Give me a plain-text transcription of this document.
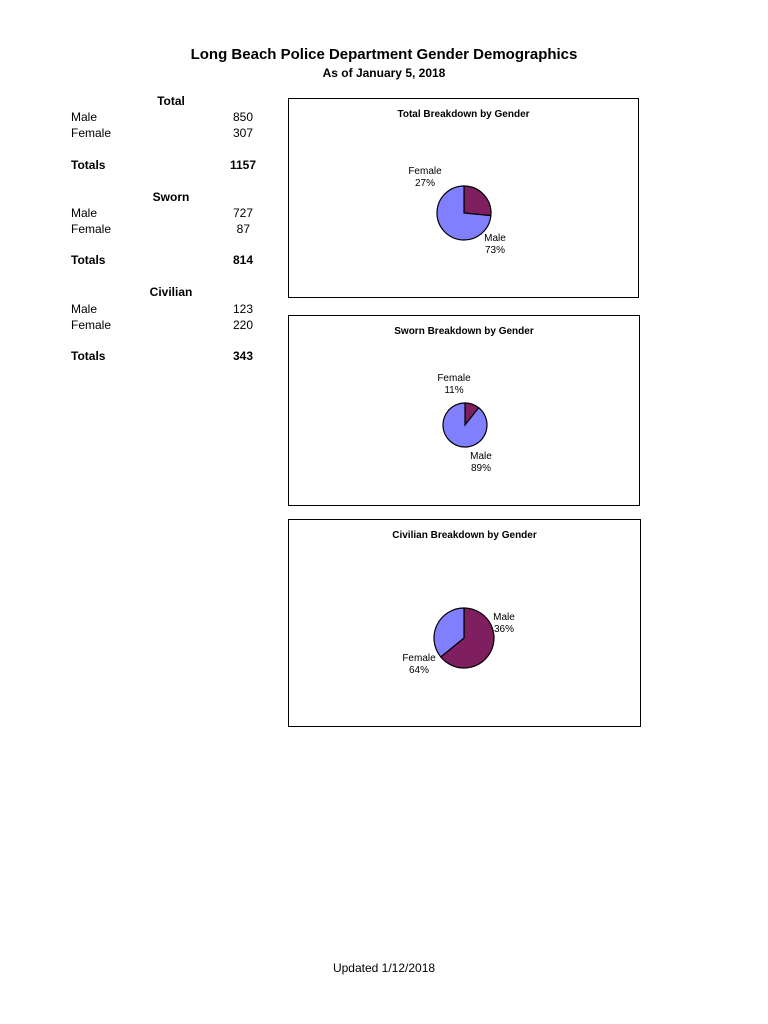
Long Beach Police Department Gender Demographics
As of January 5, 2018
Total
Male	850
Female	307
Totals	1157
Sworn
Male	727
Female	87
Totals	814
Civilian
Male	123
Female	220
Totals	343
Total Breakdown by Gender
Female
27%
Male
73%
Sworn Breakdown by Gender
Female
11%
Male
89%
Civilian Breakdown by Gender
Female
64%
Male
36%
Updated 1/12/2018
